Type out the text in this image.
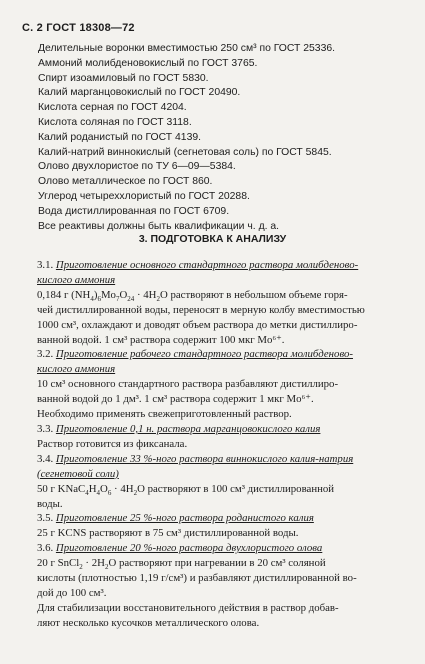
С. 2 ГОСТ 18308—72
Делительные воронки вместимостью 250 см³ по ГОСТ 25336.
Аммоний молибденовокислый по ГОСТ 3765.
Спирт изоамиловый по ГОСТ 5830.
Калий марганцовокислый по ГОСТ 20490.
Кислота серная по ГОСТ 4204.
Кислота соляная по ГОСТ 3118.
Калий роданистый по ГОСТ 4139.
Калий-натрий виннокислый (сегнетовая соль) по ГОСТ 5845.
Олово двухлористое по ТУ 6—09—5384.
Олово металлическое по ГОСТ 860.
Углерод четыреххлористый по ГОСТ 20288.
Вода дистиллированная по ГОСТ 6709.
Все реактивы должны быть квалификации ч. д. а.
3. ПОДГОТОВКА К АНАЛИЗУ
3.1. Приготовление основного стандартного раствора молибденово-
кислого аммония
0,184 г $(NH_4)_6Mo_7O_{24} \cdot 4H_2O$ растворяют в небольшом объеме горя-
чей дистиллированной воды, переносят в мерную колбу вместимостью
1000 см³, охлаждают и доводят объем раствора до метки дистиллиро-
ванной водой. 1 см³ раствора содержит 100 мкг Mo⁶⁺.
3.2. Приготовление рабочего стандартного раствора молибденово-
кислого аммония
10 см³ основного стандартного раствора разбавляют дистиллиро-
ванной водой до 1 дм³. 1 см³ раствора содержит 1 мкг Mo⁶⁺.
Необходимо применять свежеприготовленный раствор.
3.3. Приготовление 0,1 н. раствора марганцовокислого калия
Раствор готовится из фиксанала.
3.4. Приготовление 33 %-ного раствора виннокислого калия-натрия
(сегнетовой соли)
50 г $KNaC_4H_4O_6 \cdot 4H_2O$ растворяют в 100 см³ дистиллированной
воды.
3.5. Приготовление 25 %-ного раствора роданистого калия
25 г KCNS растворяют в 75 см³ дистиллированной воды.
3.6. Приготовление 20 %-ного раствора двухлористого олова
20 г SnCl$_2$ · $2H_2O$ растворяют при нагревании в 20 см³ соляной
кислоты (плотностью 1,19 г/см³) и разбавляют дистиллированной во-
дой до 100 см³.
Для стабилизации восстановительного действия в раствор добав-
ляют несколько кусочков металлического олова.
